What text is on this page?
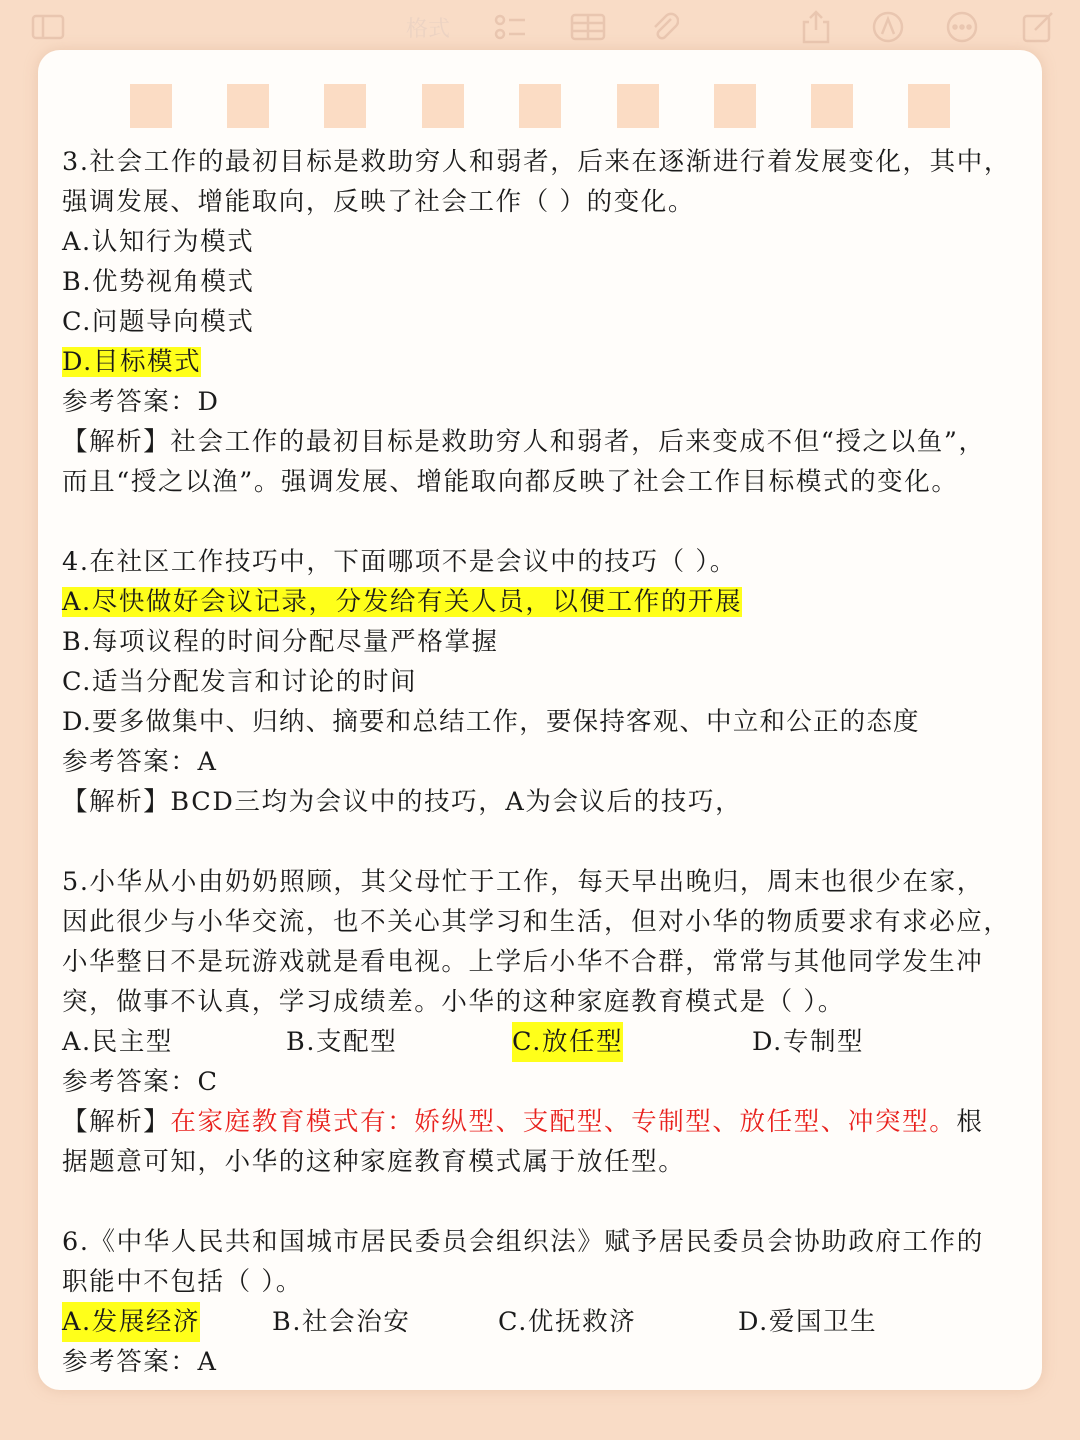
格式
3.社会工作的最初目标是救助穷人和弱者，后来在逐渐进行着发展变化，其中，
强调发展、增能取向，反映了社会工作（ ）的变化。
A.认知行为模式
B.优势视角模式
C.问题导向模式
D.目标模式
参考答案：D
【解析】社会工作的最初目标是救助穷人和弱者，后来变成不但“授之以鱼”，
而且“授之以渔”。强调发展、增能取向都反映了社会工作目标模式的变化。
4.在社区工作技巧中，下面哪项不是会议中的技巧（ ）。
A.尽快做好会议记录，分发给有关人员，以便工作的开展
B.每项议程的时间分配尽量严格掌握
C.适当分配发言和讨论的时间
D.要多做集中、归纳、摘要和总结工作，要保持客观、中立和公正的态度
参考答案：A
【解析】BCD三均为会议中的技巧，A为会议后的技巧，
5.小华从小由奶奶照顾，其父母忙于工作，每天早出晚归，周末也很少在家，
因此很少与小华交流，也不关心其学习和生活，但对小华的物质要求有求必应，
小华整日不是玩游戏就是看电视。上学后小华不合群，常常与其他同学发生冲
突，做事不认真，学习成绩差。小华的这种家庭教育模式是（ ）。
A.民主型	B.支配型	C.放任型	D.专制型
参考答案：C
【解析】在家庭教育模式有：娇纵型、支配型、专制型、放任型、冲突型。根
据题意可知，小华的这种家庭教育模式属于放任型。
6.《中华人民共和国城市居民委员会组织法》赋予居民委员会协助政府工作的
职能中不包括（ ）。
A.发展经济	B.社会治安	C.优抚救济	D.爱国卫生
参考答案：A
